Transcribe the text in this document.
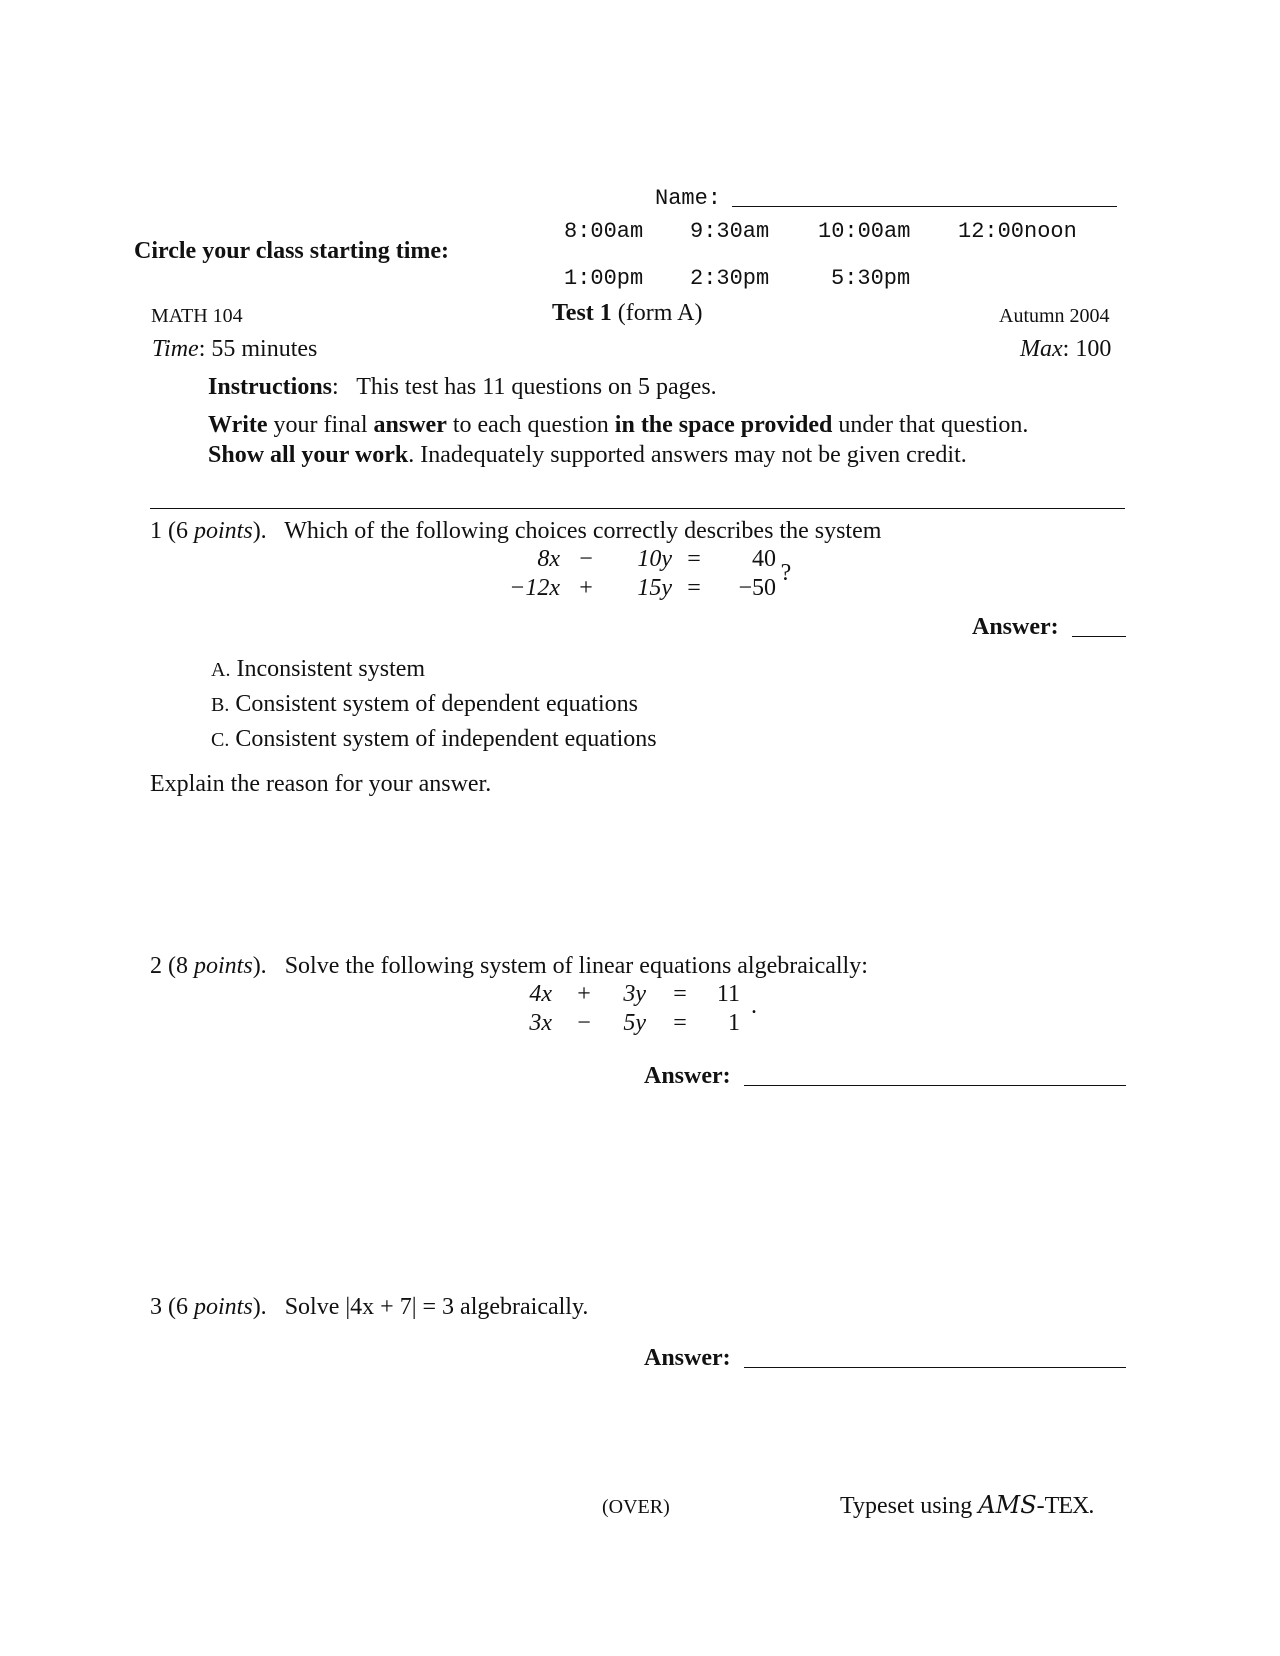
Name:
Circle your class starting time:
8:00am 9:30am 10:00am 12:00noon
1:00pm 2:30pm	5:30pm
MATH 104	Test 1 (form A)	Autumn 2004
Time: 55 minutes	Max: 100
Instructions:   This test has 11 questions on 5 pages.
Write your final answer to each question in the space provided under that question. Show all your work. Inadequately supported answers may not be given credit.
1 (6 points). Which of the following choices correctly describes the system
8x −	10y =	40
−12x +	15y =	−50
?
Answer:
A. Inconsistent system
B. Consistent system of dependent equations
C. Consistent system of independent equations
Explain the reason for your answer.
2 (8 points). Solve the following system of linear equations algebraically:
4x	+	3y	=	11
3x	−	5y	=	1
.
Answer:
3 (6 points). Solve |4x + 7| = 3 algebraically.
Answer:
(OVER)	Typeset using AMS-TEX.
